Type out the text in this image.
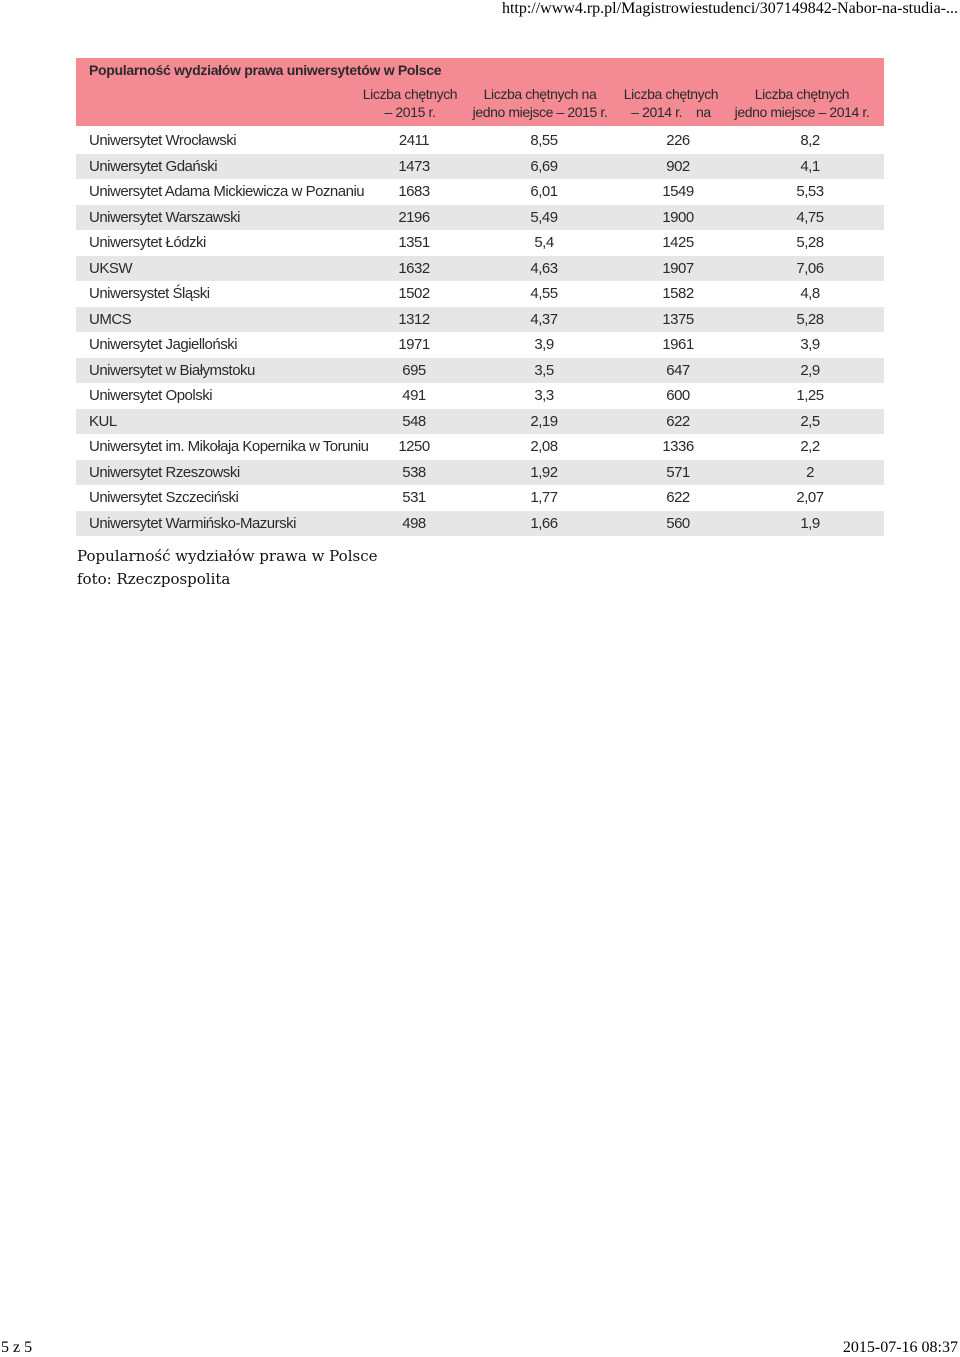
http://www4.rp.pl/Magistrowiestudenci/307149842-Nabor-na-studia-...
Popularność wydziałów prawa uniwersytetów w Polsce
Liczba chętnych
– 2015 r.
Liczba chętnych na
jedno miejsce – 2015 r.
Liczba chętnych
– 2014 r.    na
Liczba chętnych
jedno miejsce – 2014 r.
Uniwersytet Wrocławski	2411	8,55	226	8,2
Uniwersytet Gdański	1473	6,69	902	4,1
Uniwersytet Adama Mickiewicza w Poznaniu	1683	6,01	1549	5,53
Uniwersytet Warszawski	2196	5,49	1900	4,75
Uniwersytet Łódzki	1351	5,4	1425	5,28
UKSW	1632	4,63	1907	7,06
Uniwersystet Śląski	1502	4,55	1582	4,8
UMCS	1312	4,37	1375	5,28
Uniwersytet Jagielloński	1971	3,9	1961	3,9
Uniwersytet w Białymstoku	695	3,5	647	2,9
Uniwersytet Opolski	491	3,3	600	1,25
KUL	548	2,19	622	2,5
Uniwersytet im. Mikołaja Kopernika w Toruniu	1250	2,08	1336	2,2
Uniwersytet Rzeszowski	538	1,92	571	2
Uniwersytet Szczeciński	531	1,77	622	2,07
Uniwersytet Warmińsko-Mazurski	498	1,66	560	1,9
Popularność wydziałów prawa w Polsce
foto: Rzeczpospolita
5 z 5	2015-07-16 08:37
